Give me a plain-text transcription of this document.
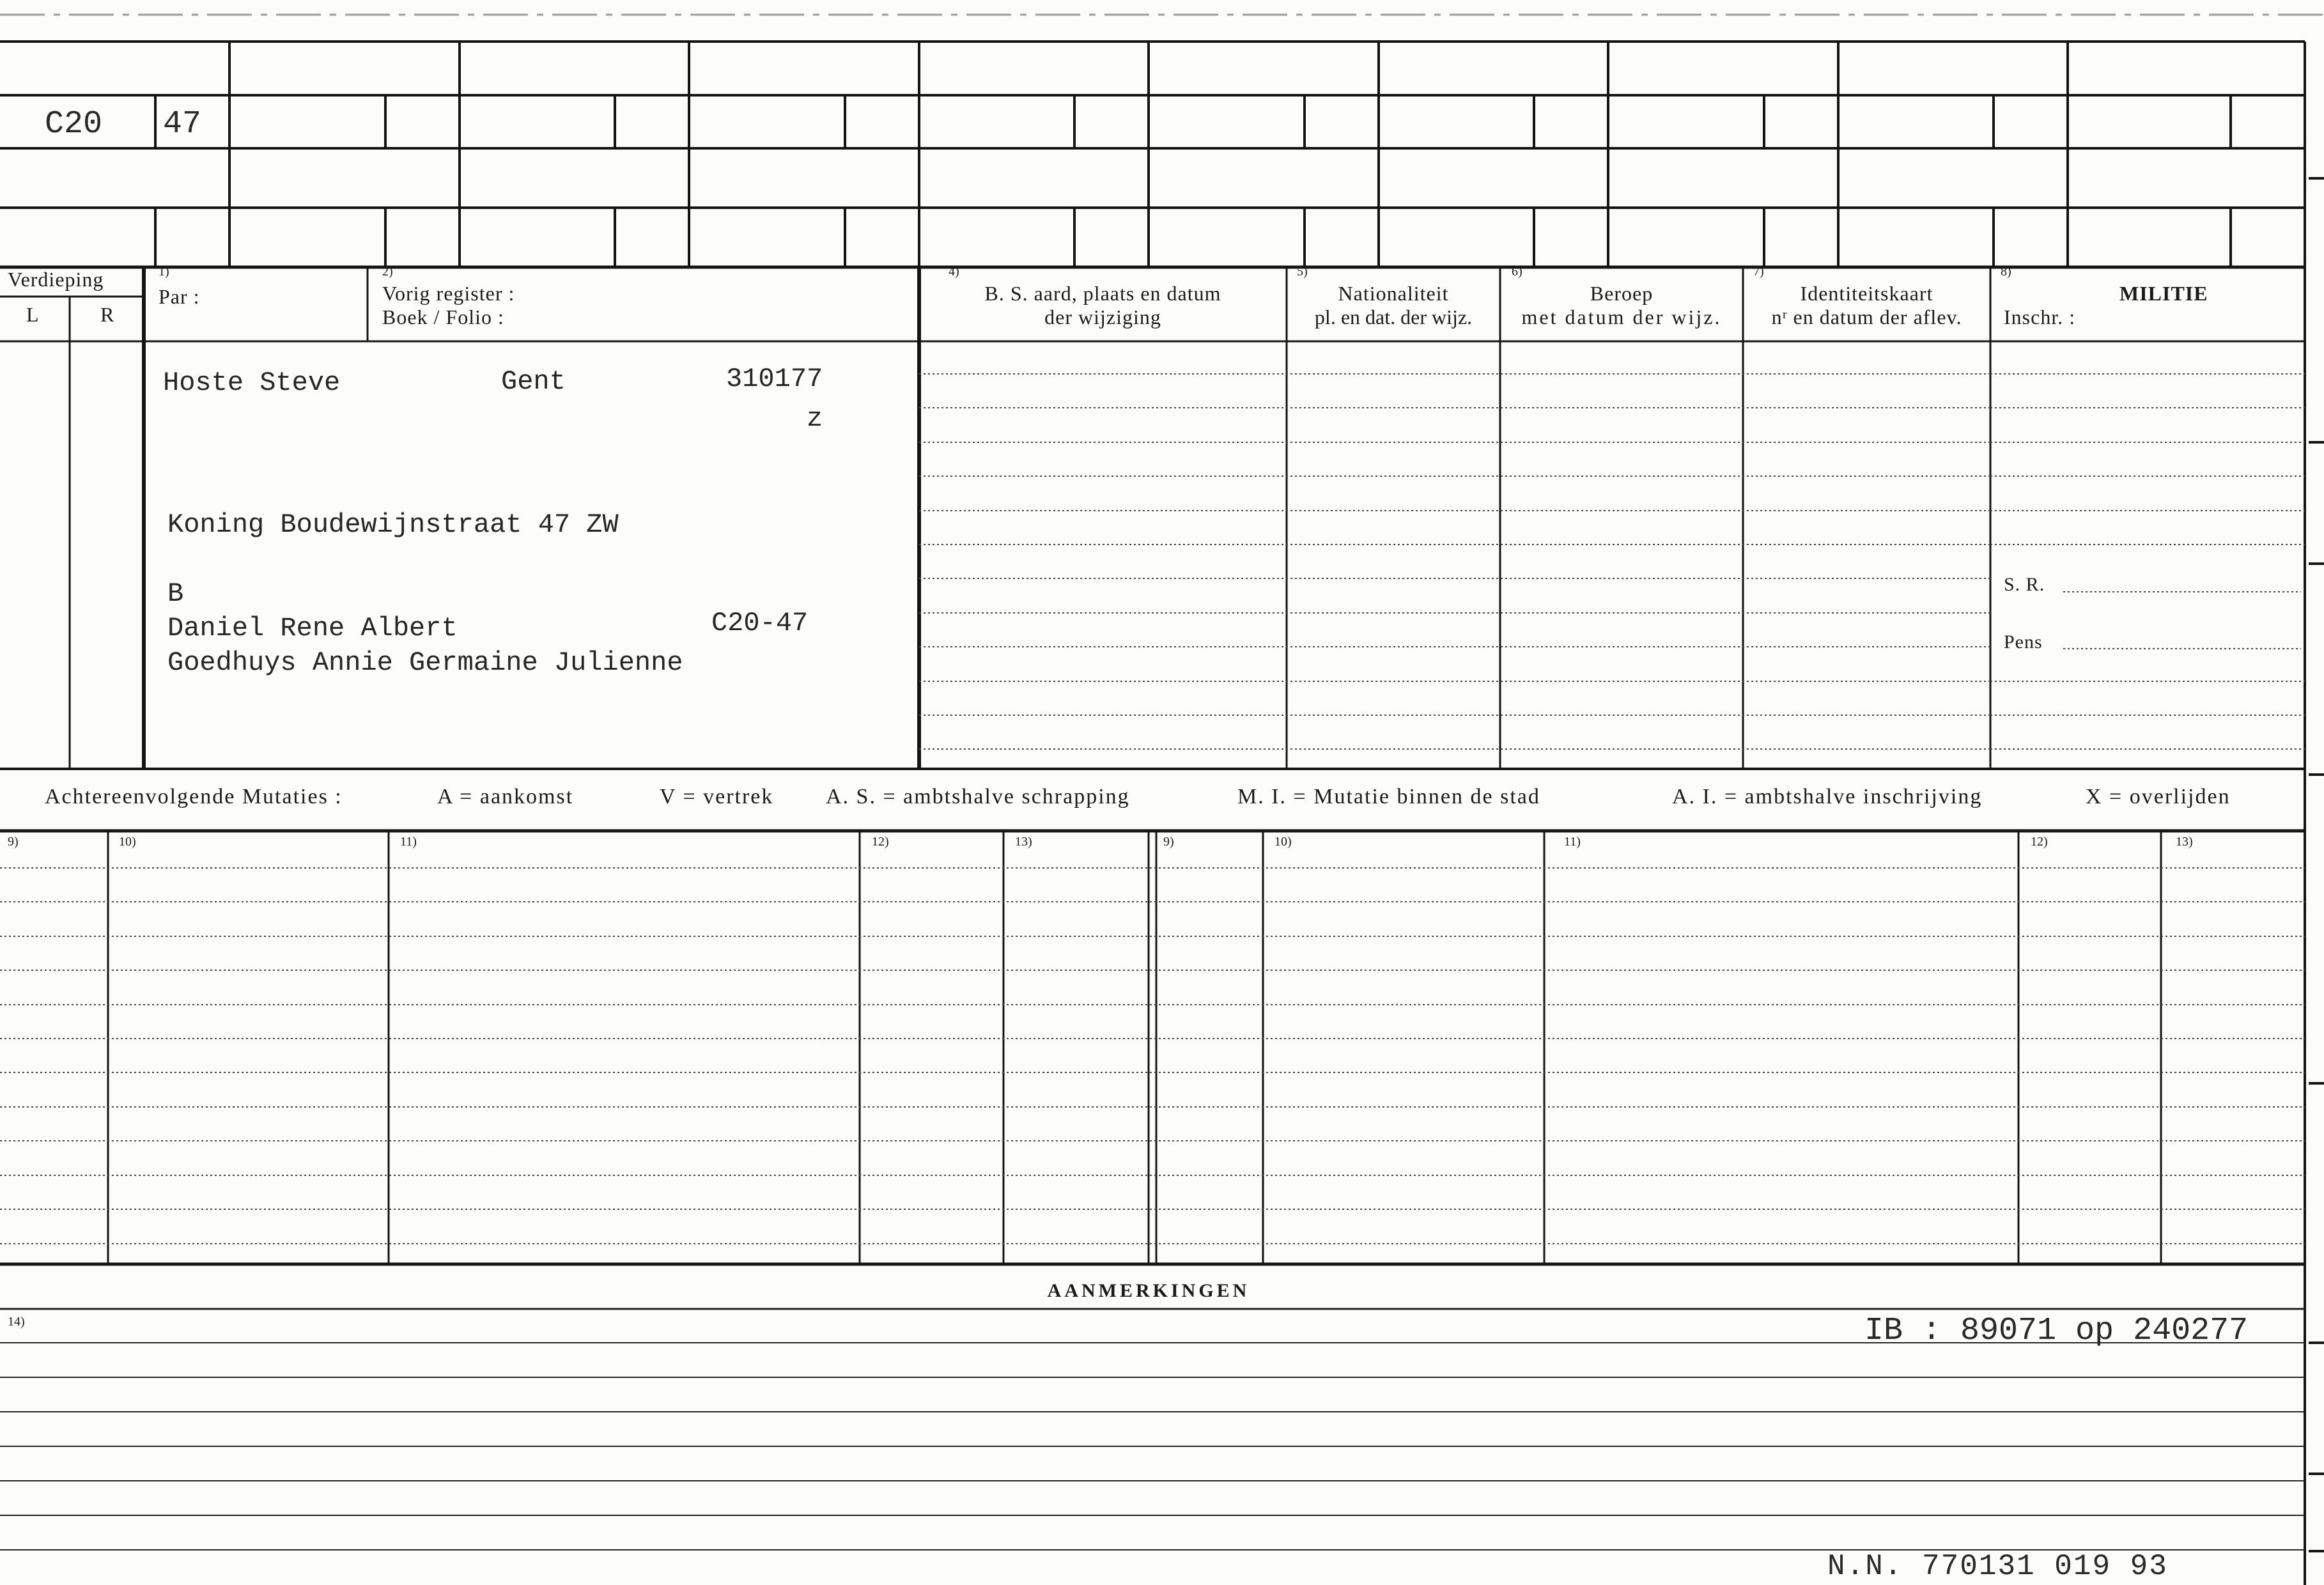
C20 47
Verdieping
L	R
1)
Par :
2)
Vorig register :
Boek / Folio :
4)
B. S. aard, plaats en datum
der wijziging
5)
Nationaliteit
pl. en dat. der wijz.
6)
Beroep
met datum der wijz.
7)
Identiteitskaart
nʳ en datum der aflev.
8)
MILITIE
Inschr. :
S. R.
Pens
Hoste Steve	Gent	310177
z
Koning Boudewijnstraat 47 ZW
B
Daniel Rene Albert	C20-47
Goedhuys Annie Germaine Julienne
Achtereenvolgende Mutaties :	A = aankomst	V = vertrek A. S. = ambtshalve schrapping	M. I. = Mutatie binnen de stad	A. I. = ambtshalve inschrijving	X = overlijden
9)	10)	11)	12)	13)	9)	10)	11)	12)	13)
AANMERKINGEN
14)	IB : 89071 op 240277
N.N. 770131 019 93
